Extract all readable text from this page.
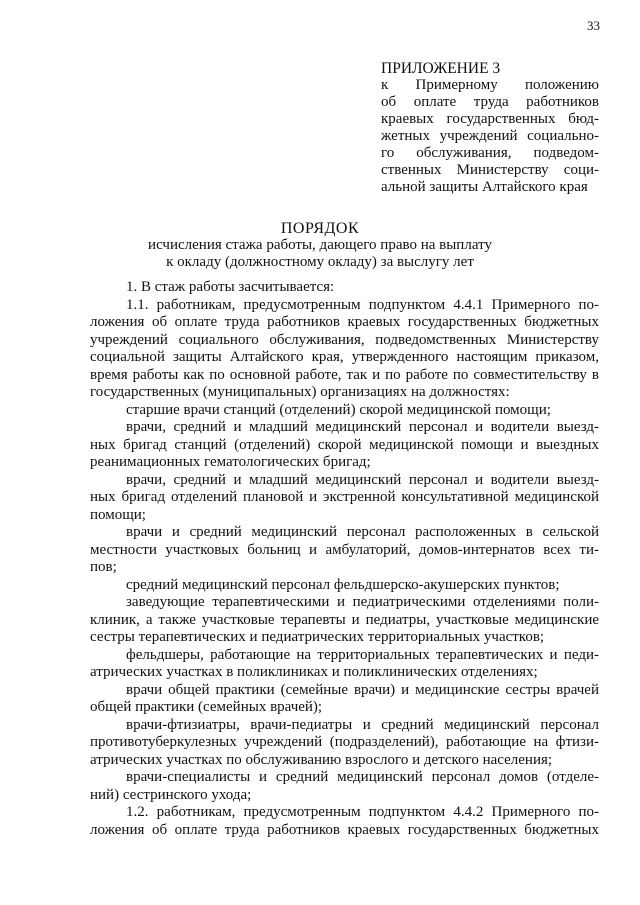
33
ПРИЛОЖЕНИЕ 3
к Примерному положению
об оплате труда работников
краевых государственных бюд-
жетных учреждений социально-
го обслуживания, подведом-
ственных Министерству соци-
альной защиты Алтайского края
ПОРЯДОК
исчисления стажа работы, дающего право на выплату
к окладу (должностному окладу) за выслугу лет
1. В стаж работы засчитывается:
1.1. работникам, предусмотренным подпунктом 4.4.1 Примерного по-
ложения об оплате труда работников краевых государственных бюджетных
учреждений социального обслуживания, подведомственных Министерству
социальной защиты Алтайского края, утвержденного настоящим приказом,
время работы как по основной работе, так и по работе по совместительству в
государственных (муниципальных) организациях на должностях:
старшие врачи станций (отделений) скорой медицинской помощи;
врачи, средний и младший медицинский персонал и водители выезд-
ных бригад станций (отделений) скорой медицинской помощи и выездных
реанимационных гематологических бригад;
врачи, средний и младший медицинский персонал и водители выезд-
ных бригад отделений плановой и экстренной консультативной медицинской
помощи;
врачи и средний медицинский персонал расположенных в сельской
местности участковых больниц и амбулаторий, домов-интернатов всех ти-
пов;
средний медицинский персонал фельдшерско-акушерских пунктов;
заведующие терапевтическими и педиатрическими отделениями поли-
клиник, а также участковые терапевты и педиатры, участковые медицинские
сестры терапевтических и педиатрических территориальных участков;
фельдшеры, работающие на территориальных терапевтических и педи-
атрических участках в поликлиниках и поликлинических отделениях;
врачи общей практики (семейные врачи) и медицинские сестры врачей
общей практики (семейных врачей);
врачи-фтизиатры, врачи-педиатры и средний медицинский персонал
противотуберкулезных учреждений (подразделений), работающие на фтизи-
атрических участках по обслуживанию взрослого и детского населения;
врачи-специалисты и средний медицинский персонал домов (отделе-
ний) сестринского ухода;
1.2. работникам, предусмотренным подпунктом 4.4.2 Примерного по-
ложения об оплате труда работников краевых государственных бюджетных
